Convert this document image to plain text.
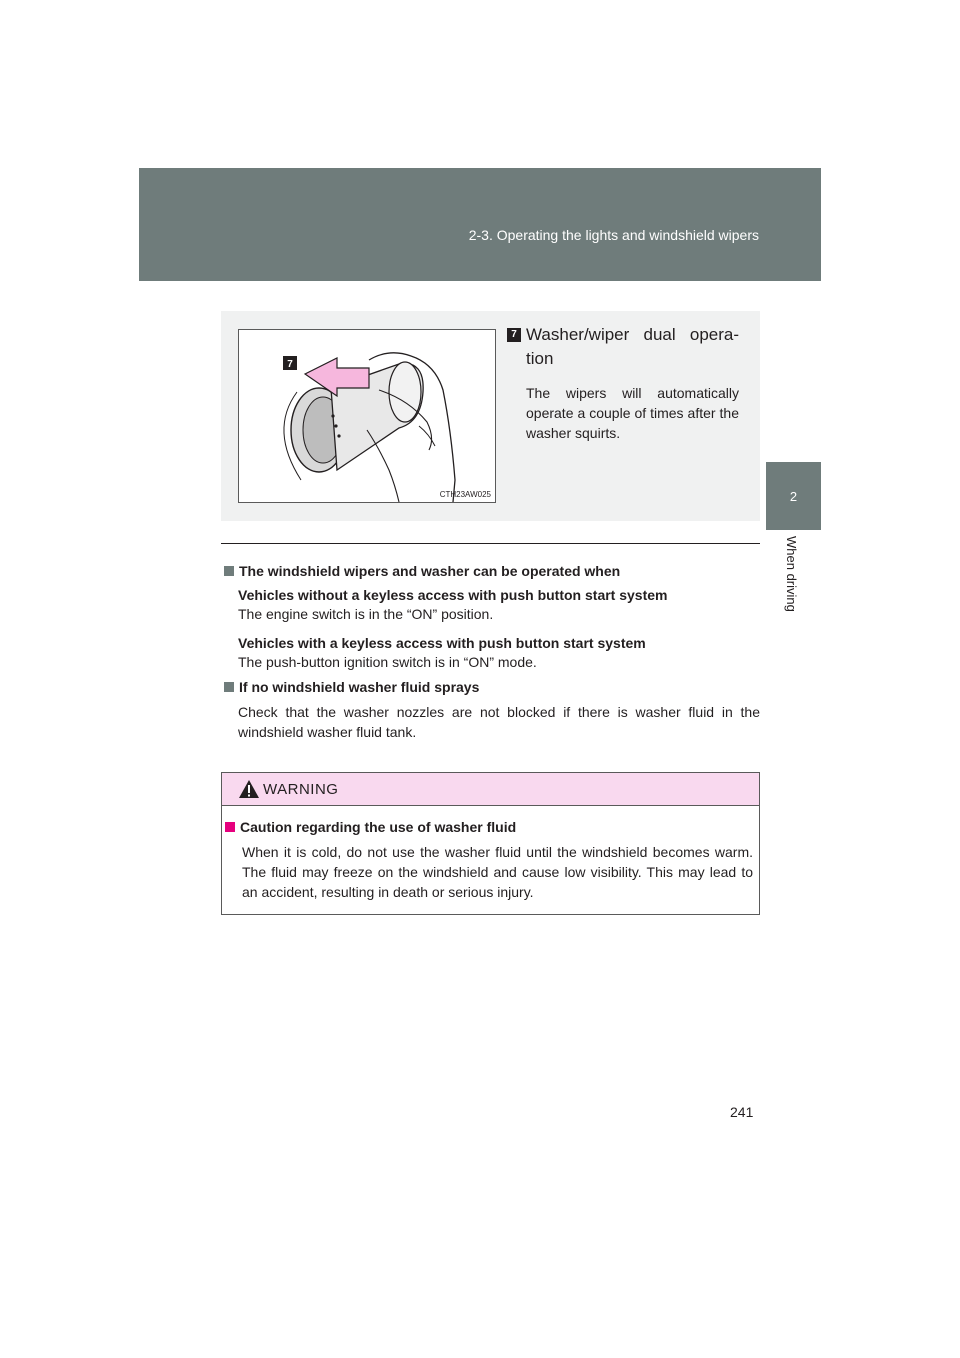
2-3. Operating the lights and windshield wipers
2
When driving
7
CTH23AW025
7 Washer/wiper dual opera-tion
The wipers will automatically operate a couple of times after the washer squirts.
The windshield wipers and washer can be operated when
Vehicles without a keyless access with push button start system
The engine switch is in the “ON” position.
Vehicles with a keyless access with push button start system
The push-button ignition switch is in “ON” mode.
If no windshield washer fluid sprays
Check that the washer nozzles are not blocked if there is washer fluid in the windshield washer fluid tank.
WARNING
Caution regarding the use of washer fluid
When it is cold, do not use the washer fluid until the windshield becomes warm. The fluid may freeze on the windshield and cause low visibility. This may lead to an accident, resulting in death or serious injury.
241
